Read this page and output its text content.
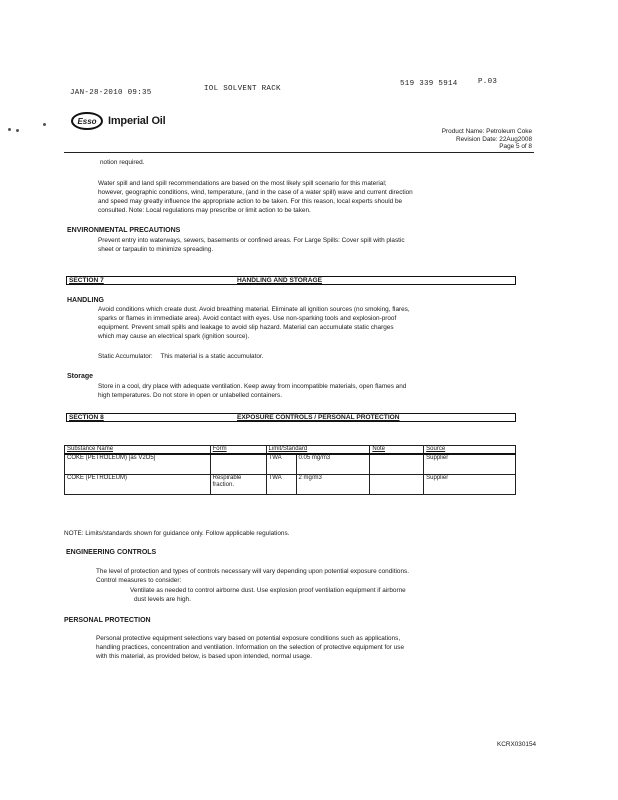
JAN-28-2010 09:35	IOL SOLVENT RACK
519 339 5914	P.03
Esso	Imperial Oil
Product Name: Petroleum Coke
Revision Date: 22Aug2008
Page 5 of 8
notion required.
Water spill and land spill recommendations are based on the most likely spill scenario for this material;
however, geographic conditions, wind, temperature, (and in the case of a water spill) wave and current direction
and speed may greatly influence the appropriate action to be taken. For this reason, local experts should be
consulted. Note: Local regulations may prescribe or limit action to be taken.
ENVIRONMENTAL PRECAUTIONS
Prevent entry into waterways, sewers, basements or confined areas. For Large Spills: Cover spill with plastic
sheet or tarpaulin to minimize spreading.
SECTION 7	HANDLING AND STORAGE
HANDLING
Avoid conditions which create dust. Avoid breathing material. Eliminate all ignition sources (no smoking, flares,
sparks or flames in immediate area). Avoid contact with eyes. Use non-sparking tools and explosion-proof
equipment. Prevent small spills and leakage to avoid slip hazard. Material can accumulate static charges
which may cause an electrical spark (ignition source).
Static Accumulator: This material is a static accumulator.
Storage
Store in a cool, dry place with adequate ventilation. Keep away from incompatible materials, open flames and
high temperatures. Do not store in open or unlabelled containers.
SECTION 8	EXPOSURE CONTROLS / PERSONAL PROTECTION
Substance Name	Form	Limit/Standard		Note	Source
COKE (PETROLEUM) [as V2O5]		TWA	0.05 mg/m3		Supplier
COKE (PETROLEUM)	Respirable fraction.	TWA	2 mg/m3		Supplier
NOTE: Limits/standards shown for guidance only. Follow applicable regulations.
ENGINEERING CONTROLS
The level of protection and types of controls necessary will vary depending upon potential exposure conditions.
Control measures to consider:
Ventilate as needed to control airborne dust. Use explosion proof ventilation equipment if airborne
dust levels are high.
PERSONAL PROTECTION
Personal protective equipment selections vary based on potential exposure conditions such as applications,
handling practices, concentration and ventilation. Information on the selection of protective equipment for use
with this material, as provided below, is based upon intended, normal usage.
KCRX030154
